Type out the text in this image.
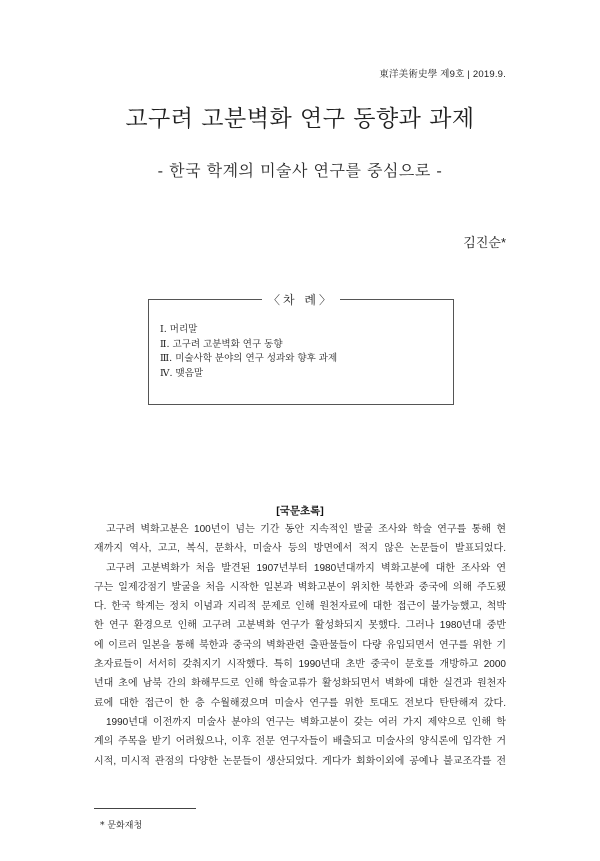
東洋美術史學 제9호 | 2019.9.
고구려 고분벽화 연구 동향과 과제
- 한국 학계의 미술사 연구를 중심으로 -
김진순*
〈차 례〉
Ⅰ. 머리말
Ⅱ. 고구려 고분벽화 연구 동향
Ⅲ. 미술사학 분야의 연구 성과와 향후 과제
Ⅳ. 맺음말
[국문초록]
고구려 벽화고분은 100년이 넘는 기간 동안 지속적인 발굴 조사와 학술 연구를 통해 현
재까지 역사, 고고, 복식, 문화사, 미술사 등의 방면에서 적지 않은 논문들이 발표되었다.
고구려 고분벽화가 처음 발견된 1907년부터 1980년대까지 벽화고분에 대한 조사와 연
구는 일제강점기 발굴을 처음 시작한 일본과 벽화고분이 위치한 북한과 중국에 의해 주도됐
다. 한국 학계는 정치 이념과 지리적 문제로 인해 원천자료에 대한 접근이 불가능했고, 척박
한 연구 환경으로 인해 고구려 고분벽화 연구가 활성화되지 못했다. 그러나 1980년대 중반
에 이르러 일본을 통해 북한과 중국의 벽화관련 출판물들이 다량 유입되면서 연구를 위한 기
초자료들이 서서히 갖춰지기 시작했다. 특히 1990년대 초반 중국이 문호를 개방하고 2000
년대 초에 남북 간의 화해무드로 인해 학술교류가 활성화되면서 벽화에 대한 실견과 원천자
료에 대한 접근이 한 층 수월해졌으며 미술사 연구를 위한 토대도 전보다 탄탄해져 갔다.
1990년대 이전까지 미술사 분야의 연구는 벽화고분이 갖는 여러 가지 제약으로 인해 학
계의 주목을 받기 어려웠으나, 이후 전문 연구자들이 배출되고 미술사의 양식론에 입각한 거
시적, 미시적 관점의 다양한 논문들이 생산되었다. 게다가 회화이외에 공예나 불교조각를 전
* 문화재청
